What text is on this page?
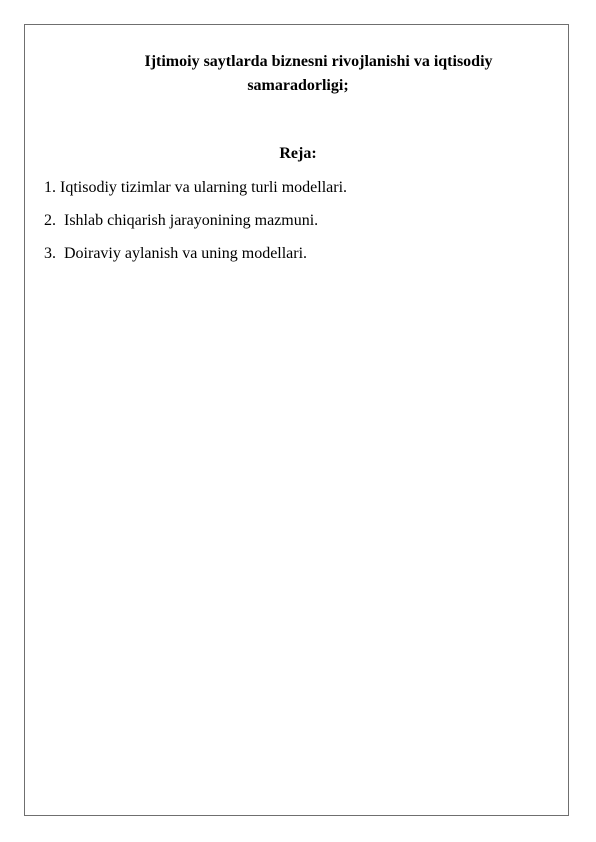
Ijtimoiy saytlarda biznesni rivojlanishi va iqtisodiy
samaradorligi;
Reja:
1. Iqtisodiy tizimlar va ularning turli modellari.
2.  Ishlab chiqarish jarayonining mazmuni.
3.  Doiraviy aylanish va uning modellari.
